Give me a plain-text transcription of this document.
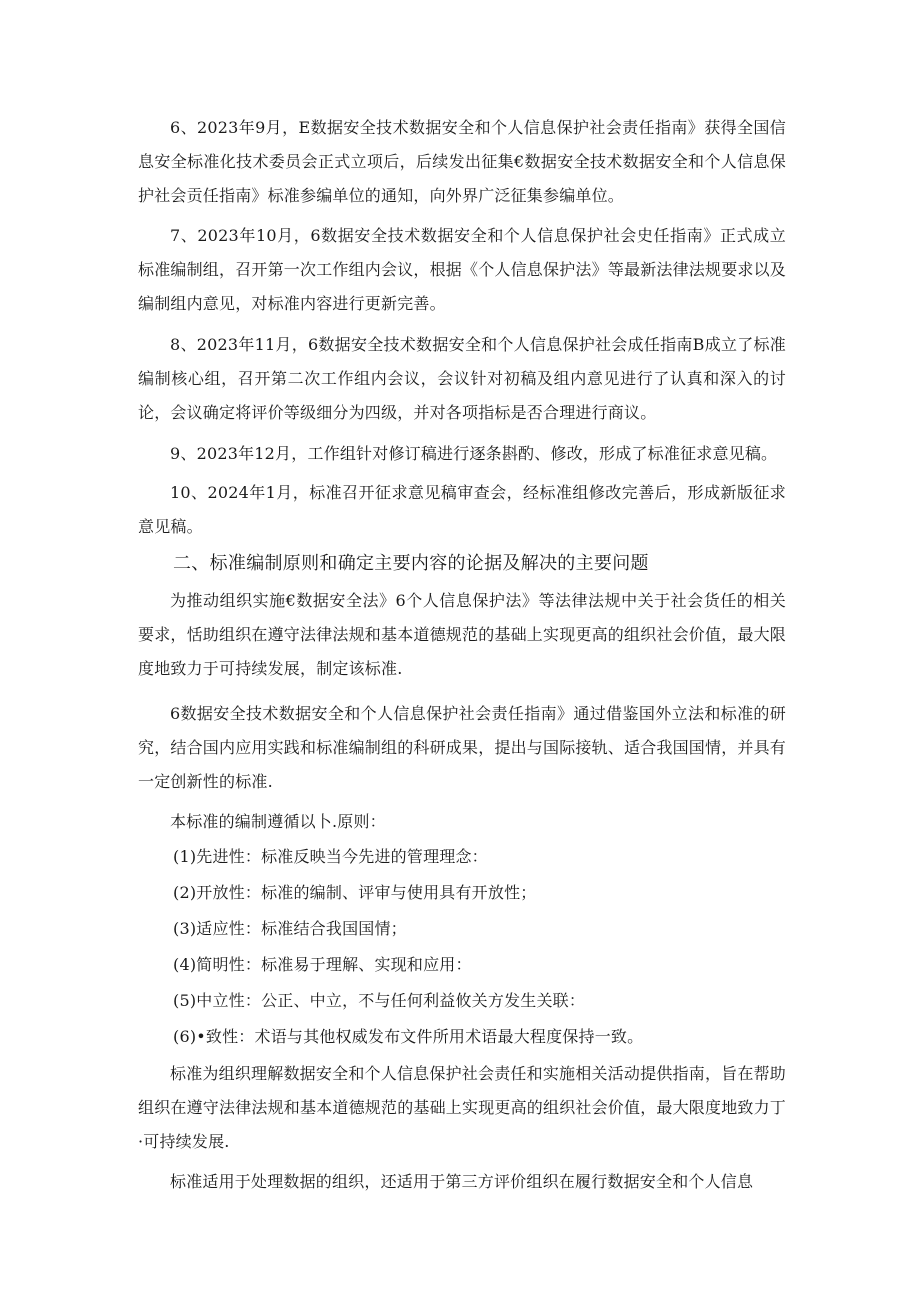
6、2023年9月，E数据安全技术数据安全和个人信息保护社会责任指南》获得全国信息安全标准化技术委员会正式立项后，后续发出征集€数据安全技术数据安全和个人信息保护社会贡任指南》标准参编单位的通知，向外界广泛征集参编单位。

7、2023年10月，6数据安全技术数据安全和个人信息保护社会史任指南》正式成立标准编制组，召开第一次工作组内会议，根据《个人信息保护法》等最新法律法规要求以及编制组内意见，对标准内容进行更新完善。

8、2023年11月，6数据安全技术数据安全和个人信息保护社会成任指南B成立了标准编制核心组，召开第二次工作组内会议，会议针对初稿及组内意见进行了认真和深入的讨论，会议确定将评价等级细分为四级，并对各项指标是否合理进行商议。

9、2023年12月，工作组针对修订稿进行逐条斟酌、修改，形成了标准征求意见稿。

10、2024年1月，标准召开征求意见稿审查会，经标准组修改完善后，形成新版征求意见稿。

二、标准编制原则和确定主要内容的论据及解决的主要问题

为推动组织实施€数据安全法》6个人信息保护法》等法律法规中关于社会货任的相关要求，恬助组织在遵守法律法规和基本道德规范的基础上实现更高的组织社会价值，最大限度地致力于可持续发展，制定该标准.

6数据安全技术数据安全和个人信息保护社会责任指南》通过借鉴国外立法和标准的研究，结合国内应用实践和标准编制组的科研成果，提出与国际接轨、适合我国国情，并具有一定创新性的标准.

本标准的编制遵循以卜.原则：

(1)先进性：标准反映当今先进的管理理念：

(2)开放性：标准的编制、评审与使用具有开放性；

(3)适应性：标准结合我国国情；

(4)简明性：标准易于理解、实现和应用：

(5)中立性：公正、中立，不与任何利益攸关方发生关联：

(6)•致性：术语与其他权威发布文件所用术语最大程度保持一致。

标准为组织理解数据安全和个人信息保护社会责任和实施相关活动提供指南，旨在帮助组织在遵守法律法规和基本道德规范的基础上实现更高的组织社会价值，最大限度地致力丁·可持续发展.

标准适用于处理数据的组织，还适用于第三方评价组织在履行数据安全和个人信息
